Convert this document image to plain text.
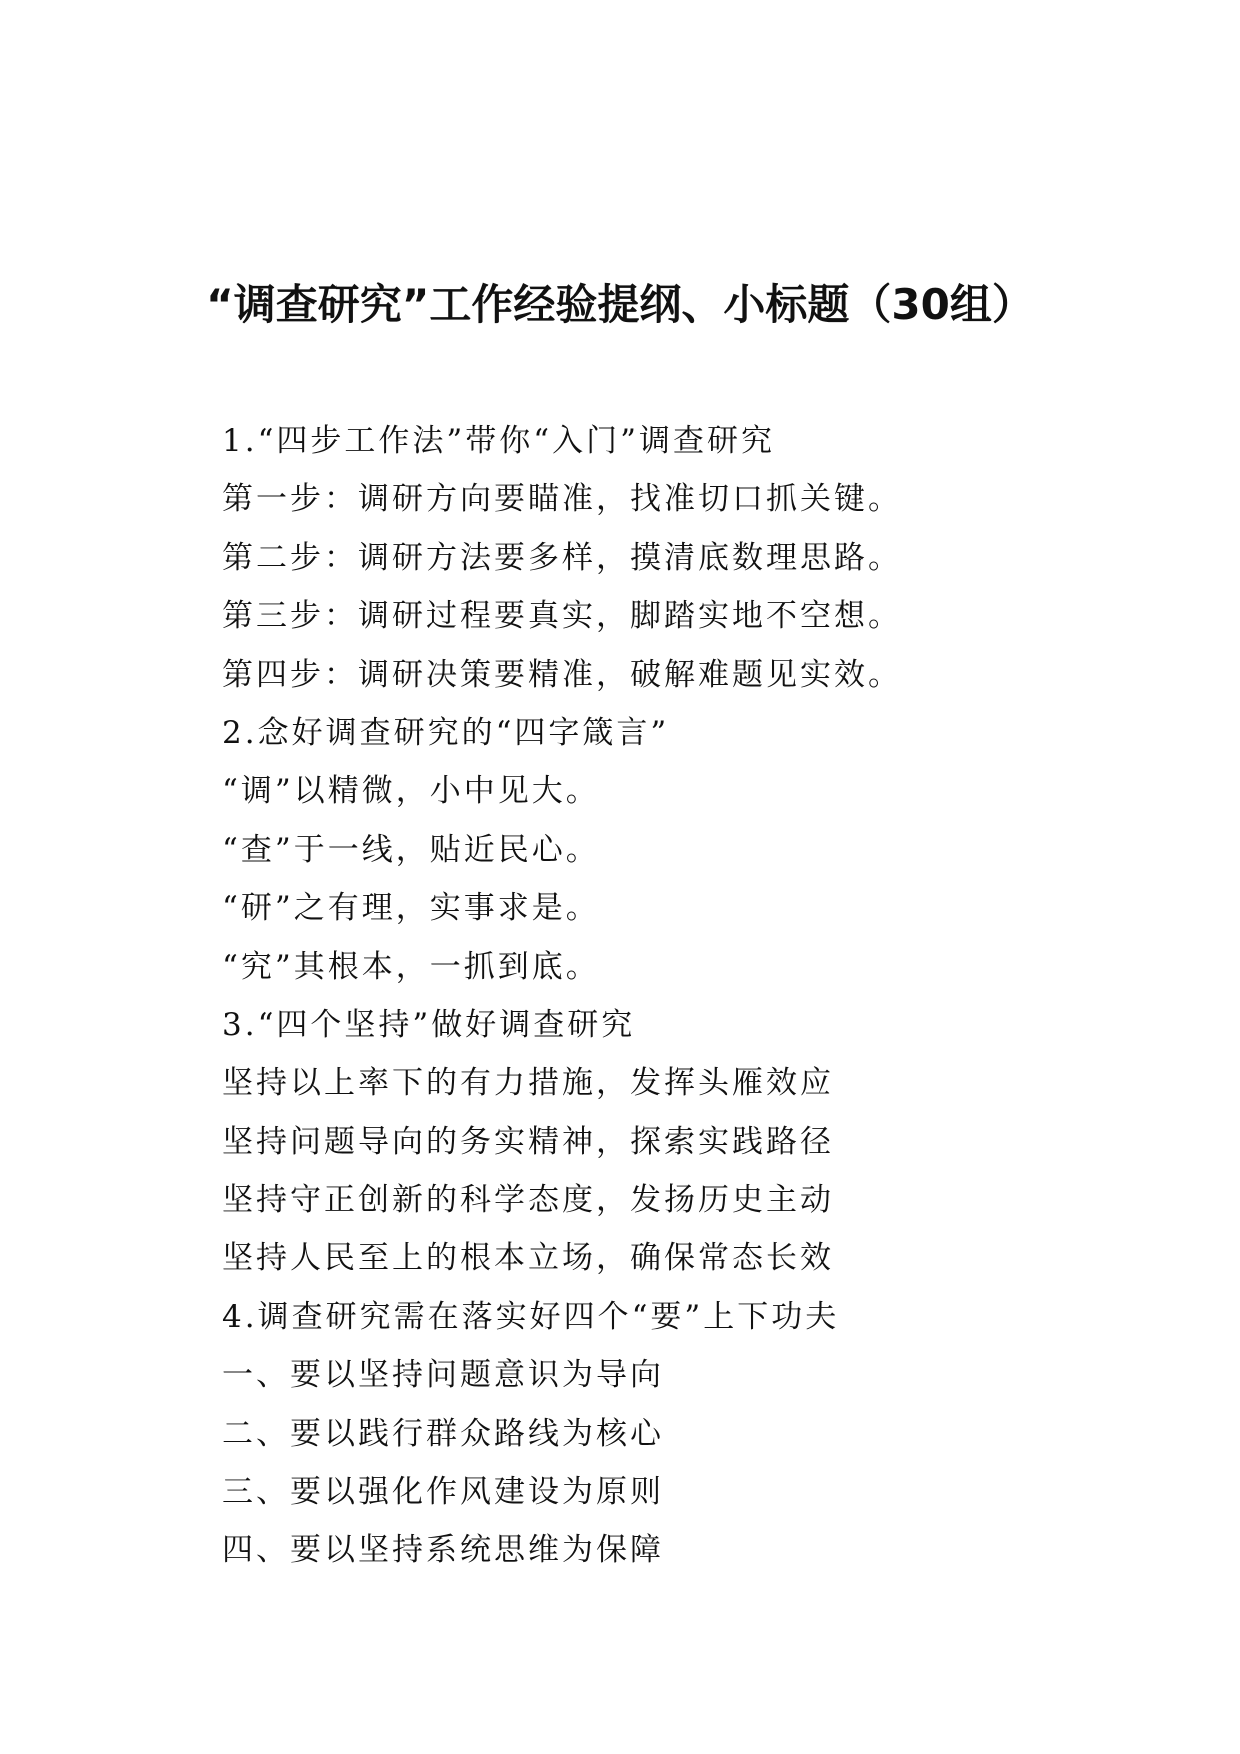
“调查研究”工作经验提纲、小标题（30组）
1.“四步工作法”带你“入门”调查研究
第一步：调研方向要瞄准，找准切口抓关键。
第二步：调研方法要多样，摸清底数理思路。
第三步：调研过程要真实，脚踏实地不空想。
第四步：调研决策要精准，破解难题见实效。
2.念好调查研究的“四字箴言”
“调”以精微，小中见大。
“查”于一线，贴近民心。
“研”之有理，实事求是。
“究”其根本，一抓到底。
3.“四个坚持”做好调查研究
坚持以上率下的有力措施，发挥头雁效应
坚持问题导向的务实精神，探索实践路径
坚持守正创新的科学态度，发扬历史主动
坚持人民至上的根本立场，确保常态长效
4.调查研究需在落实好四个“要”上下功夫
一、要以坚持问题意识为导向
二、要以践行群众路线为核心
三、要以强化作风建设为原则
四、要以坚持系统思维为保障
